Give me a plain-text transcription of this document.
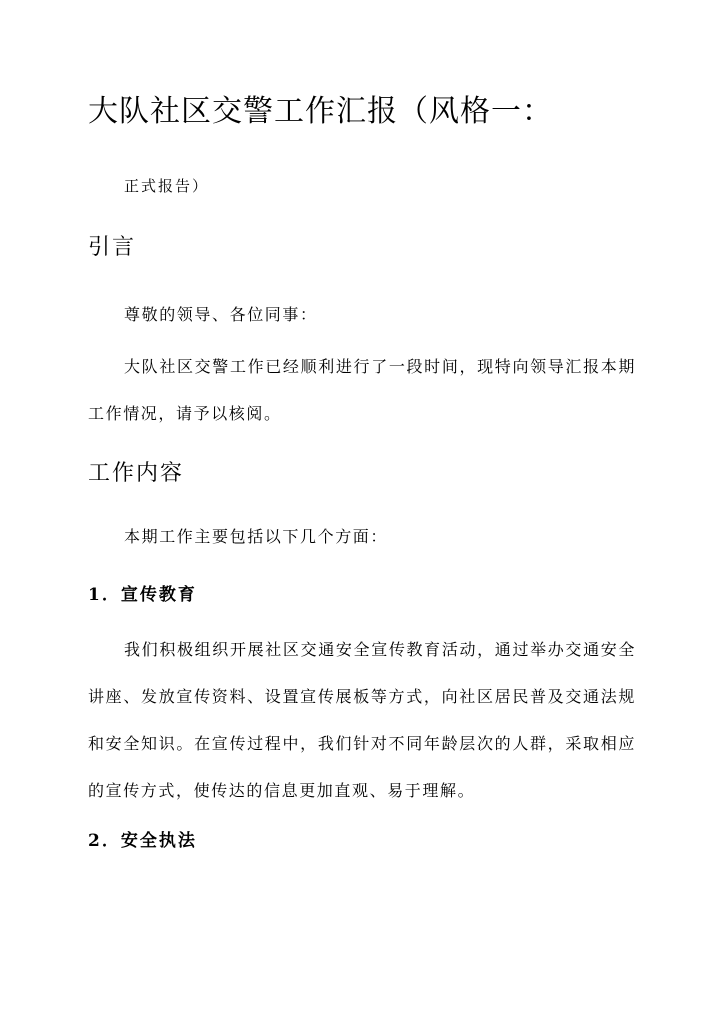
大队社区交警工作汇报（风格一：

正式报告）

引言

尊敬的领导、各位同事：

大队社区交警工作已经顺利进行了一段时间，现特向领导汇报本期工作情况，请予以核阅。

工作内容

本期工作主要包括以下几个方面：

1．宣传教育

我们积极组织开展社区交通安全宣传教育活动，通过举办交通安全讲座、发放宣传资料、设置宣传展板等方式，向社区居民普及交通法规和安全知识。在宣传过程中，我们针对不同年龄层次的人群，采取相应的宣传方式，使传达的信息更加直观、易于理解。

2．安全执法
